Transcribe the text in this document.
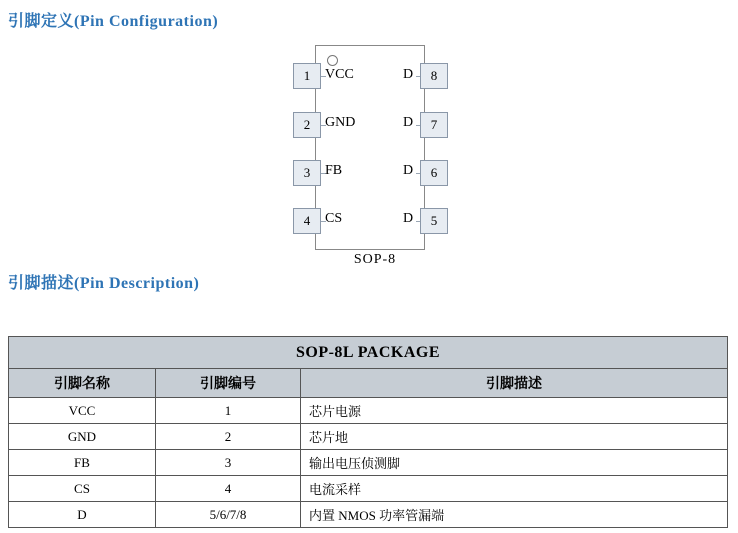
引脚定义(Pin Configuration)
1
2
3
4
8
7
6
5
VCC
GND
FB
CS
D
D
D
D
SOP-8
引脚描述(Pin Description)
SOP-8L PACKAGE		
引脚名称	引脚编号	引脚描述
VCC	1	芯片电源
GND	2	芯片地
FB	3	输出电压侦测脚
CS	4	电流采样
D	5/6/7/8	内置 NMOS 功率管漏端
